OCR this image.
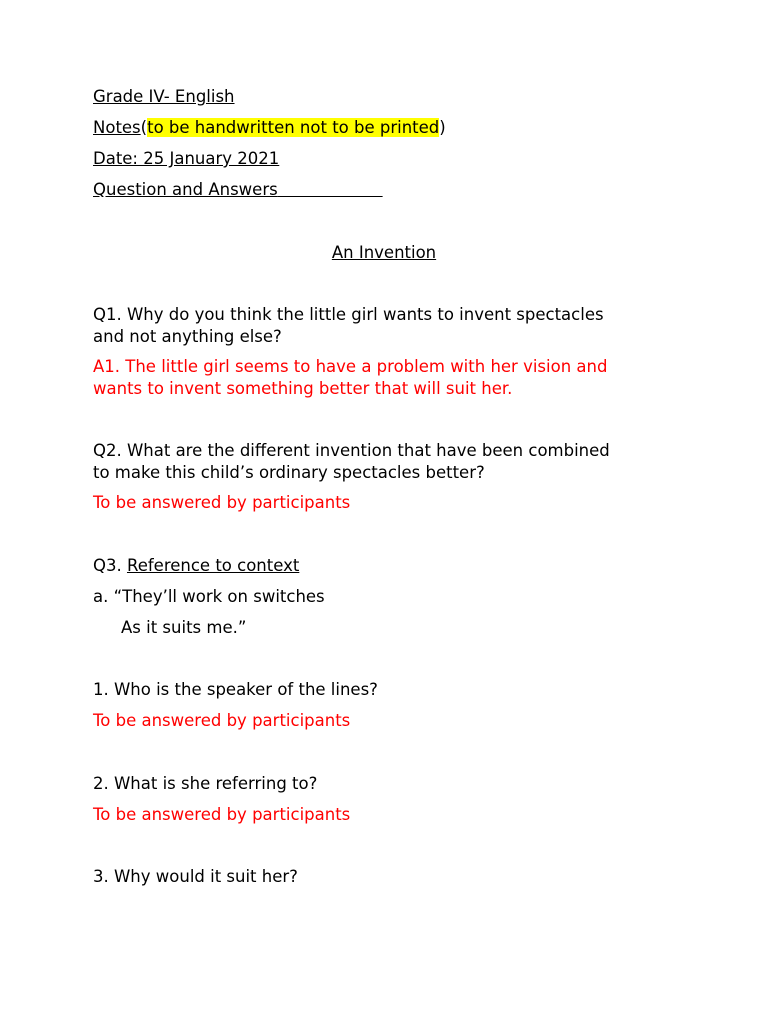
Grade IV- English
Notes(to be handwritten not to be printed)
Date: 25 January 2021
Question and Answers
An Invention
Q1. Why do you think the little girl wants to invent spectacles
and not anything else?
A1. The little girl seems to have a problem with her vision and
wants to invent something better that will suit her.
Q2. What are the different invention that have been combined
to make this child’s ordinary spectacles better?
To be answered by participants
Q3. Reference to context
a. “They’ll work on switches
As it suits me.”
1. Who is the speaker of the lines?
To be answered by participants
2. What is she referring to?
To be answered by participants
3. Why would it suit her?
